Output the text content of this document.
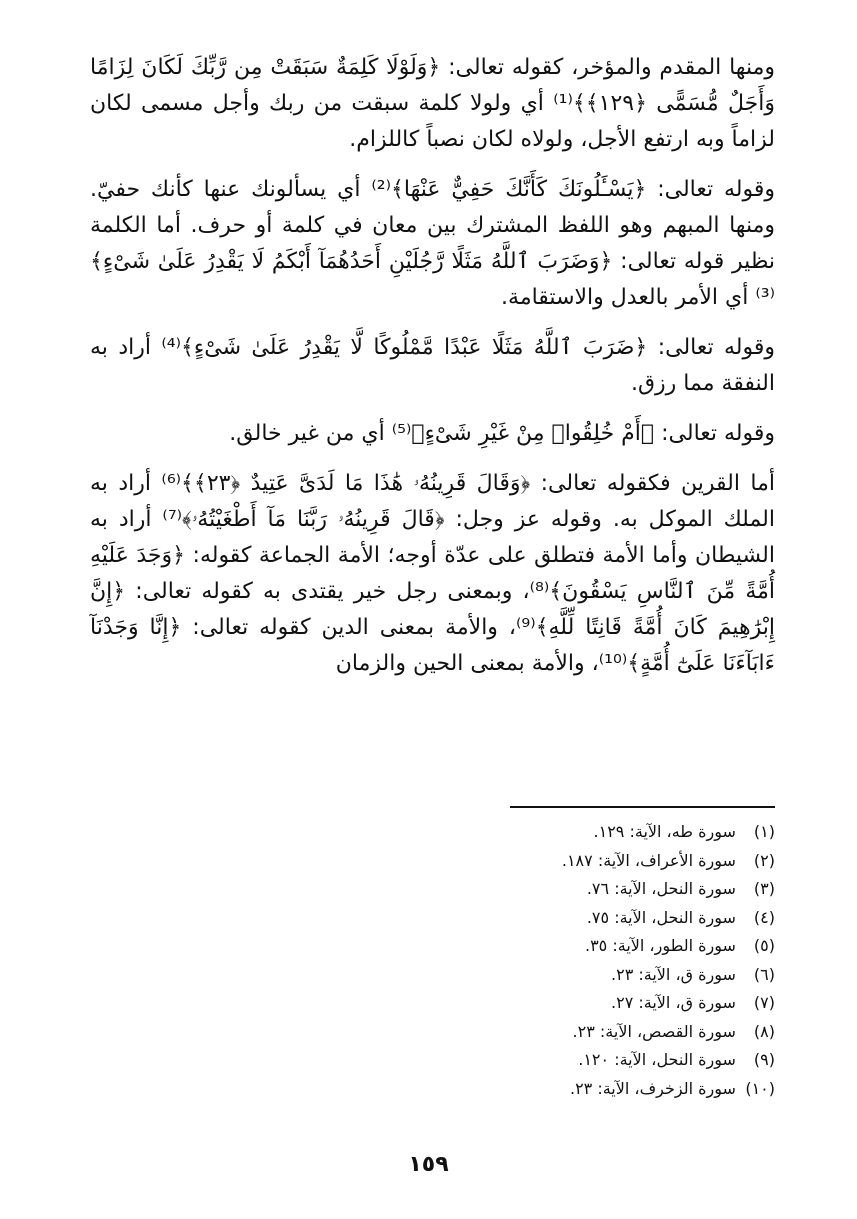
ومنها المقدم والمؤخر، كقوله تعالى: ﴿وَلَوْلَا كَلِمَةٌ سَبَقَتْ مِن رَّبِّكَ لَكَانَ لِزَامًا وَأَجَلٌ مُّسَمًّى ﴿١٢٩﴾﴾⁽¹⁾ أي ولولا كلمة سبقت من ربك وأجل مسمى لكان لزاماً وبه ارتفع الأجل، ولولاه لكان نصباً كاللزام.

وقوله تعالى: ﴿يَسْـَٔلُونَكَ كَأَنَّكَ حَفِيٌّ عَنْهَا﴾⁽²⁾ أي يسألونك عنها كأنك حفيّ. ومنها المبهم وهو اللفظ المشترك بين معان في كلمة أو حرف. أما الكلمة نظير قوله تعالى: ﴿وَضَرَبَ ٱللَّهُ مَثَلًا رَّجُلَيْنِ أَحَدُهُمَآ أَبْكَمُ لَا يَقْدِرُ عَلَىٰ شَىْءٍ﴾⁽³⁾ أي الأمر بالعدل والاستقامة.

وقوله تعالى: ﴿ضَرَبَ ٱللَّهُ مَثَلًا عَبْدًا مَّمْلُوكًا لَّا يَقْدِرُ عَلَىٰ شَىْءٍ﴾⁽⁴⁾ أراد به النفقة مما رزق.

وقوله تعالى: ﴿أَمْ خُلِقُوا۟ مِنْ غَيْرِ شَىْءٍ﴾⁽⁵⁾ أي من غير خالق.

أما القرين فكقوله تعالى: ﴿وَقَالَ قَرِينُهُۥ هَٰذَا مَا لَدَىَّ عَتِيدٌ ﴿٢٣﴾﴾⁽⁶⁾ أراد به الملك الموكل به. وقوله عز وجل: ﴿قَالَ قَرِينُهُۥ رَبَّنَا مَآ أَطْغَيْتُهُۥ﴾⁽⁷⁾ أراد به الشيطان وأما الأمة فتطلق على عدّة أوجه؛ الأمة الجماعة كقوله: ﴿وَجَدَ عَلَيْهِ أُمَّةً مِّنَ ٱلنَّاسِ يَسْقُونَ﴾⁽⁸⁾، وبمعنى رجل خير يقتدى به كقوله تعالى: ﴿إِنَّ إِبْرَٰهِيمَ كَانَ أُمَّةً قَانِتًا لِّلَّهِ﴾⁽⁹⁾، والأمة بمعنى الدين كقوله تعالى: ﴿إِنَّا وَجَدْنَآ ءَابَآءَنَا عَلَىٰٓ أُمَّةٍ﴾⁽¹⁰⁾، والأمة بمعنى الحين والزمان

(١) سورة طه، الآية: ١٢٩.
(٢) سورة الأعراف، الآية: ١٨٧.
(٣) سورة النحل، الآية: ٧٦.
(٤) سورة النحل، الآية: ٧٥.
(٥) سورة الطور، الآية: ٣٥.
(٦) سورة ق، الآية: ٢٣.
(٧) سورة ق، الآية: ٢٧.
(٨) سورة القصص، الآية: ٢٣.
(٩) سورة النحل، الآية: ١٢٠.
(١٠) سورة الزخرف، الآية: ٢٣.
١٥٩
